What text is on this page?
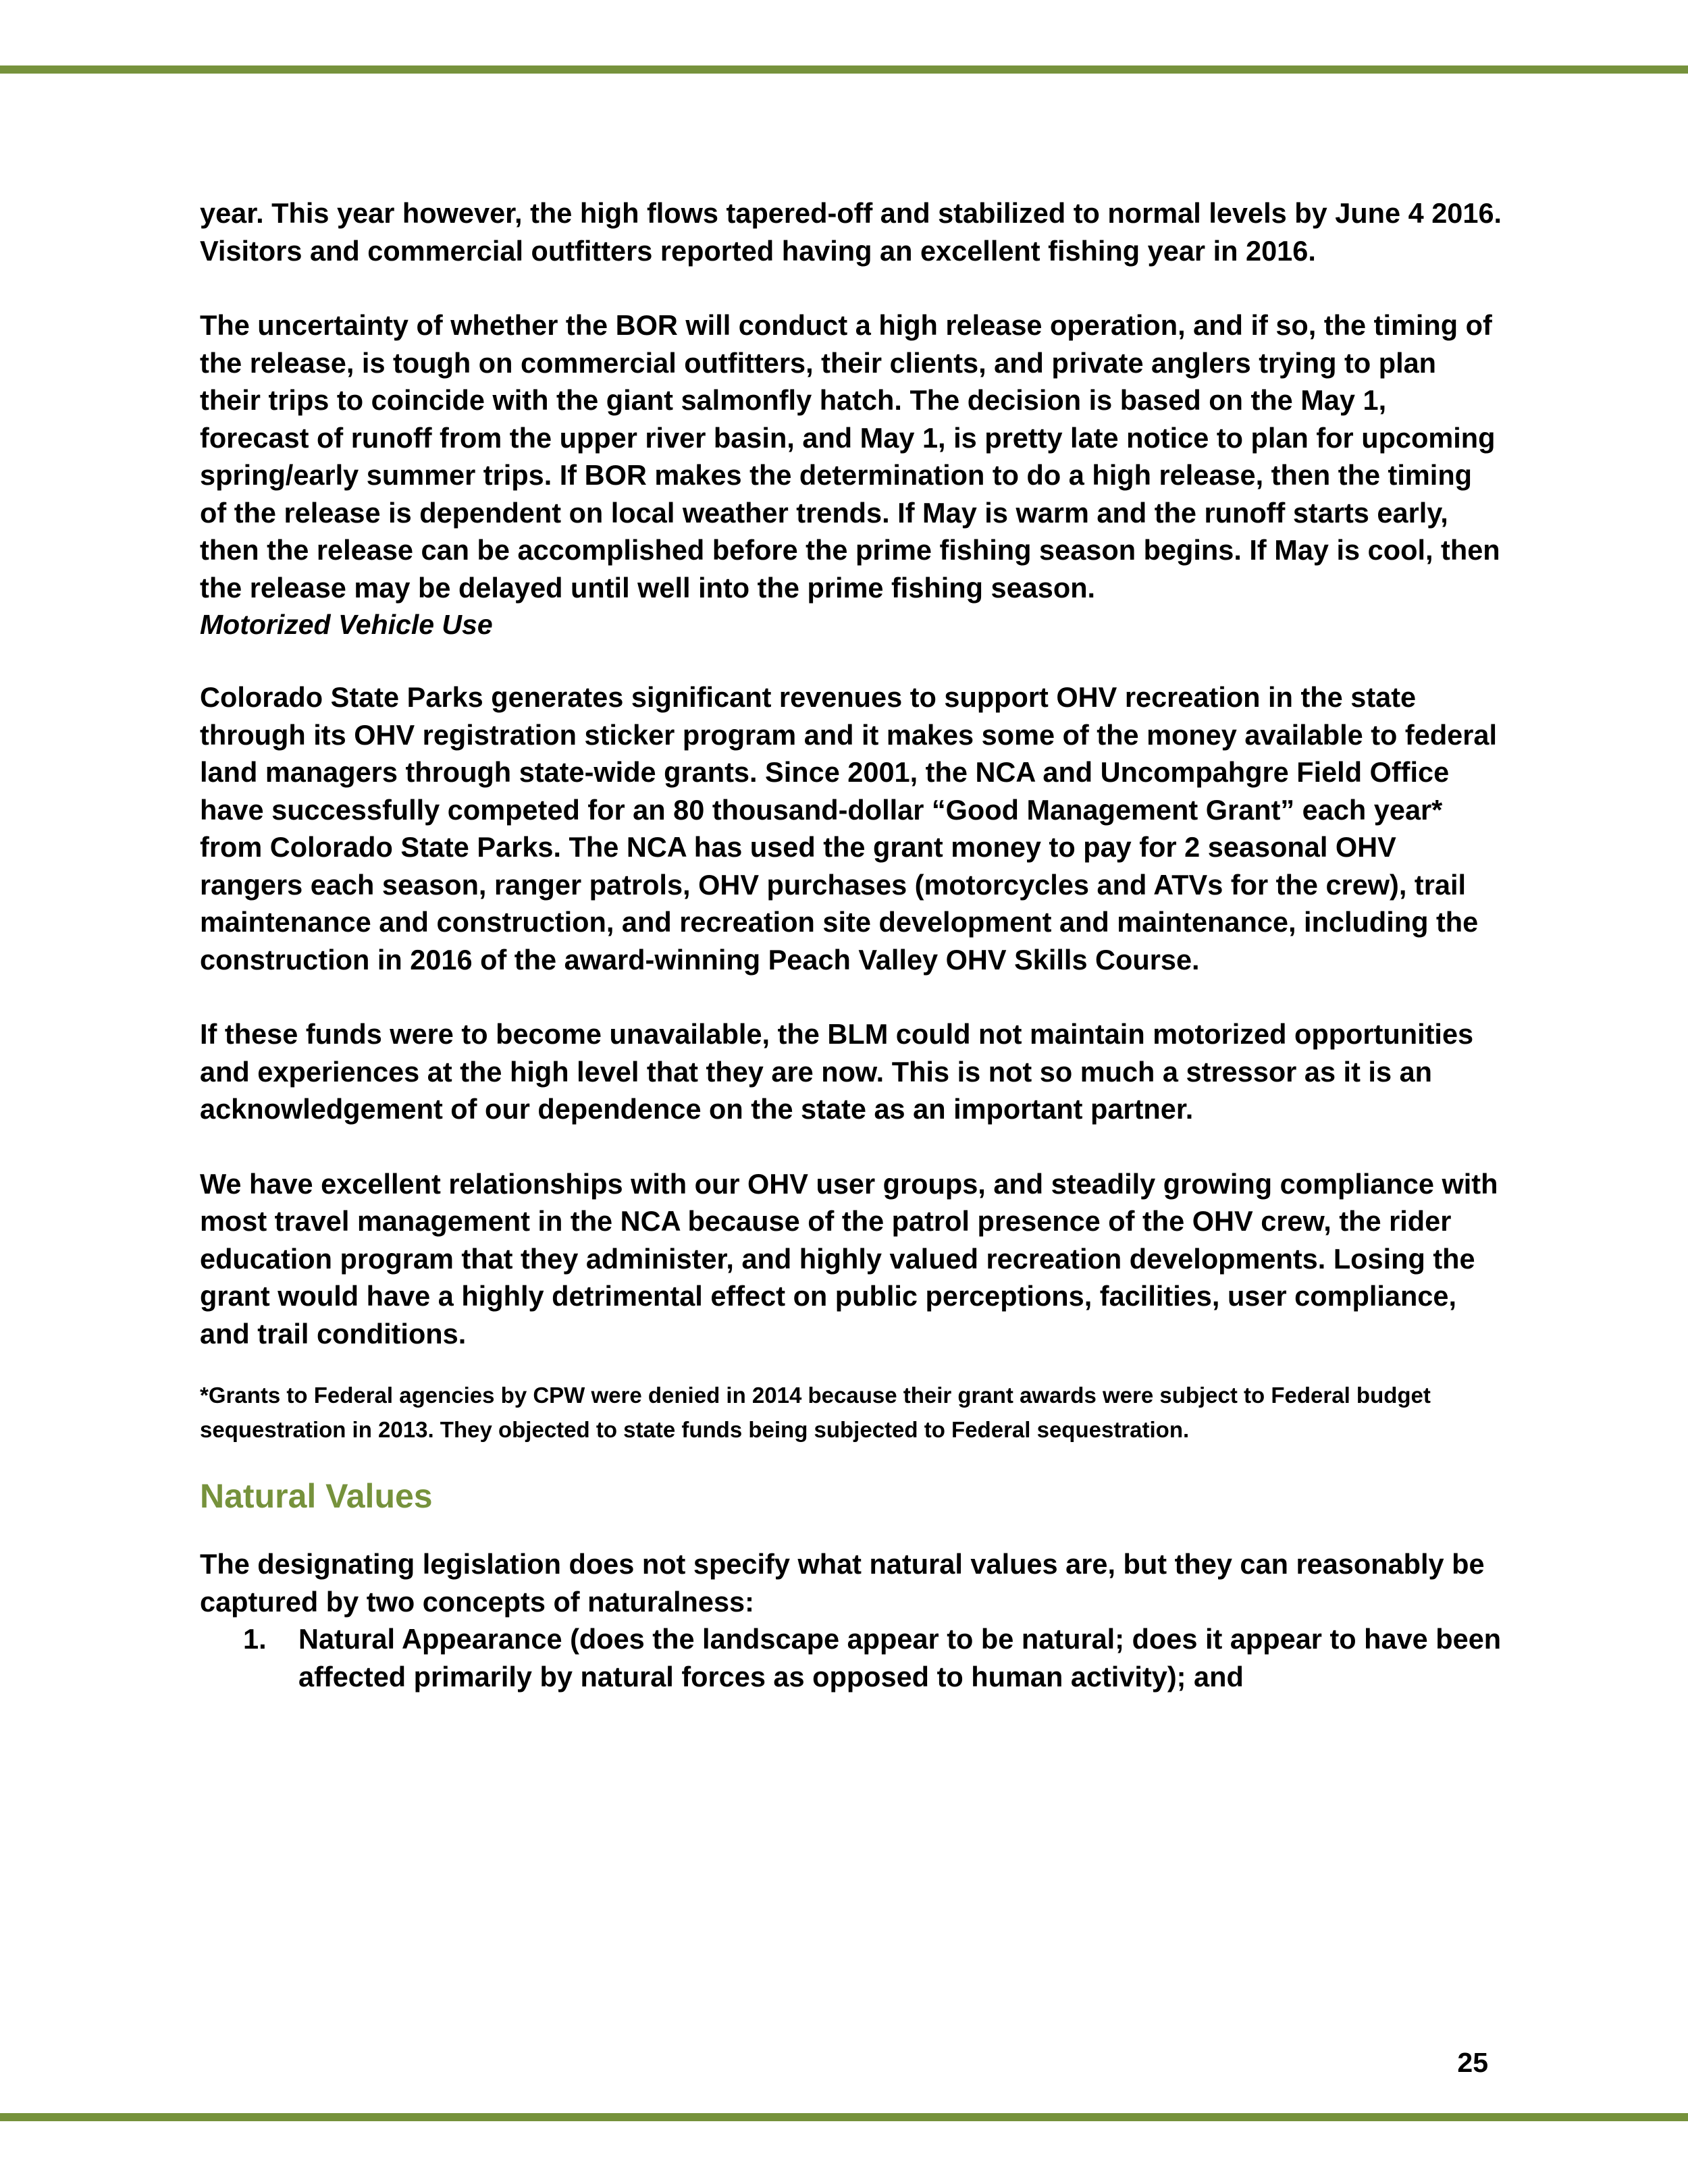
year. This year however, the high flows tapered-off and stabilized to normal levels by June 4 2016. Visitors and commercial outfitters reported having an excellent fishing year in 2016.

The uncertainty of whether the BOR will conduct a high release operation, and if so, the timing of the release, is tough on commercial outfitters, their clients, and private anglers trying to plan their trips to coincide with the giant salmonfly hatch. The decision is based on the May 1, forecast of runoff from the upper river basin, and May 1, is pretty late notice to plan for upcoming spring/early summer trips. If BOR makes the determination to do a high release, then the timing of the release is dependent on local weather trends. If May is warm and the runoff starts early, then the release can be accomplished before the prime fishing season begins. If May is cool, then the release may be delayed until well into the prime fishing season.

Motorized Vehicle Use

Colorado State Parks generates significant revenues to support OHV recreation in the state through its OHV registration sticker program and it makes some of the money available to federal land managers through state-wide grants. Since 2001, the NCA and Uncompahgre Field Office have successfully competed for an 80 thousand-dollar “Good Management Grant” each year* from Colorado State Parks. The NCA has used the grant money to pay for 2 seasonal OHV rangers each season, ranger patrols, OHV purchases (motorcycles and ATVs for the crew), trail maintenance and construction, and recreation site development and maintenance, including the construction in 2016 of the award-winning Peach Valley OHV Skills Course.

If these funds were to become unavailable, the BLM could not maintain motorized opportunities and experiences at the high level that they are now. This is not so much a stressor as it is an acknowledgement of our dependence on the state as an important partner.

We have excellent relationships with our OHV user groups, and steadily growing compliance with most travel management in the NCA because of the patrol presence of the OHV crew, the rider education program that they administer, and highly valued recreation developments. Losing the grant would have a highly detrimental effect on public perceptions, facilities, user compliance, and trail conditions.

*Grants to Federal agencies by CPW were denied in 2014 because their grant awards were subject to Federal budget sequestration in 2013. They objected to state funds being subjected to Federal sequestration.

Natural Values

The designating legislation does not specify what natural values are, but they can reasonably be captured by two concepts of naturalness:

1. Natural Appearance (does the landscape appear to be natural; does it appear to have been affected primarily by natural forces as opposed to human activity); and
25
